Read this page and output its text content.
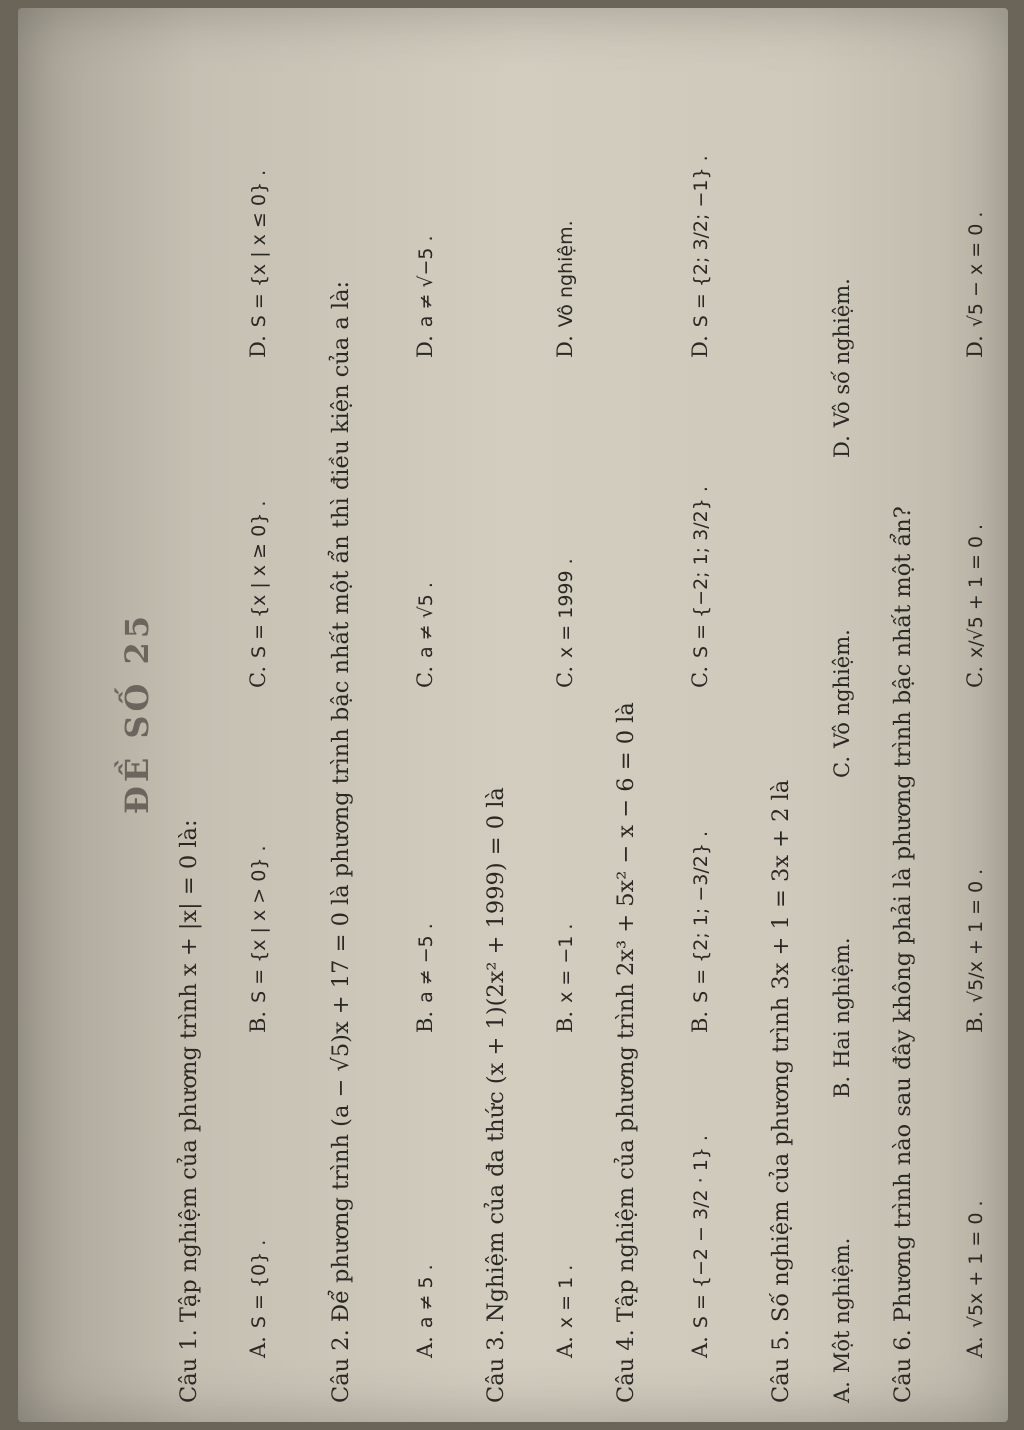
ĐỀ SỐ 25
Câu 1. Tập nghiệm của phương trình x + |x| = 0 là:
A.S = {0} .
B.S = {x | x > 0} .
C.S = {x | x ≥ 0} .
D.S = {x | x ≤ 0} .
Câu 2. Để phương trình (a − √5)x + 17 = 0 là phương trình bậc nhất một ẩn thì điều kiện của a là:
A.a ≠ 5 .
B.a ≠ −5 .
C.a ≠ √5 .
D.a ≠ √−5 .
Câu 3. Nghiệm của đa thức (x + 1)(2x² + 1999) = 0 là
A.x = 1 .
B.x = −1 .
C.x = 1999 .
D.Vô nghiệm.
Câu 4. Tập nghiệm của phương trình 2x³ + 5x² − x − 6 = 0 là
A.S = {−2 − 3/2 · 1} .
B.S = {2; 1; −3/2} .
C.S = {−2; 1; 3/2} .
D.S = {2; 3/2; −1} .
Câu 5. Số nghiệm của phương trình 3x + 1 = 3x + 2 là
A.Một nghiệm.
B.Hai nghiệm.
C.Vô nghiệm.
D.Vô số nghiệm.
Câu 6. Phương trình nào sau đây không phải là phương trình bậc nhất một ẩn?
A.√5x + 1 = 0 .
B.√5/x + 1 = 0 .
C.x/√5 + 1 = 0 .
D.√5 − x = 0 .
